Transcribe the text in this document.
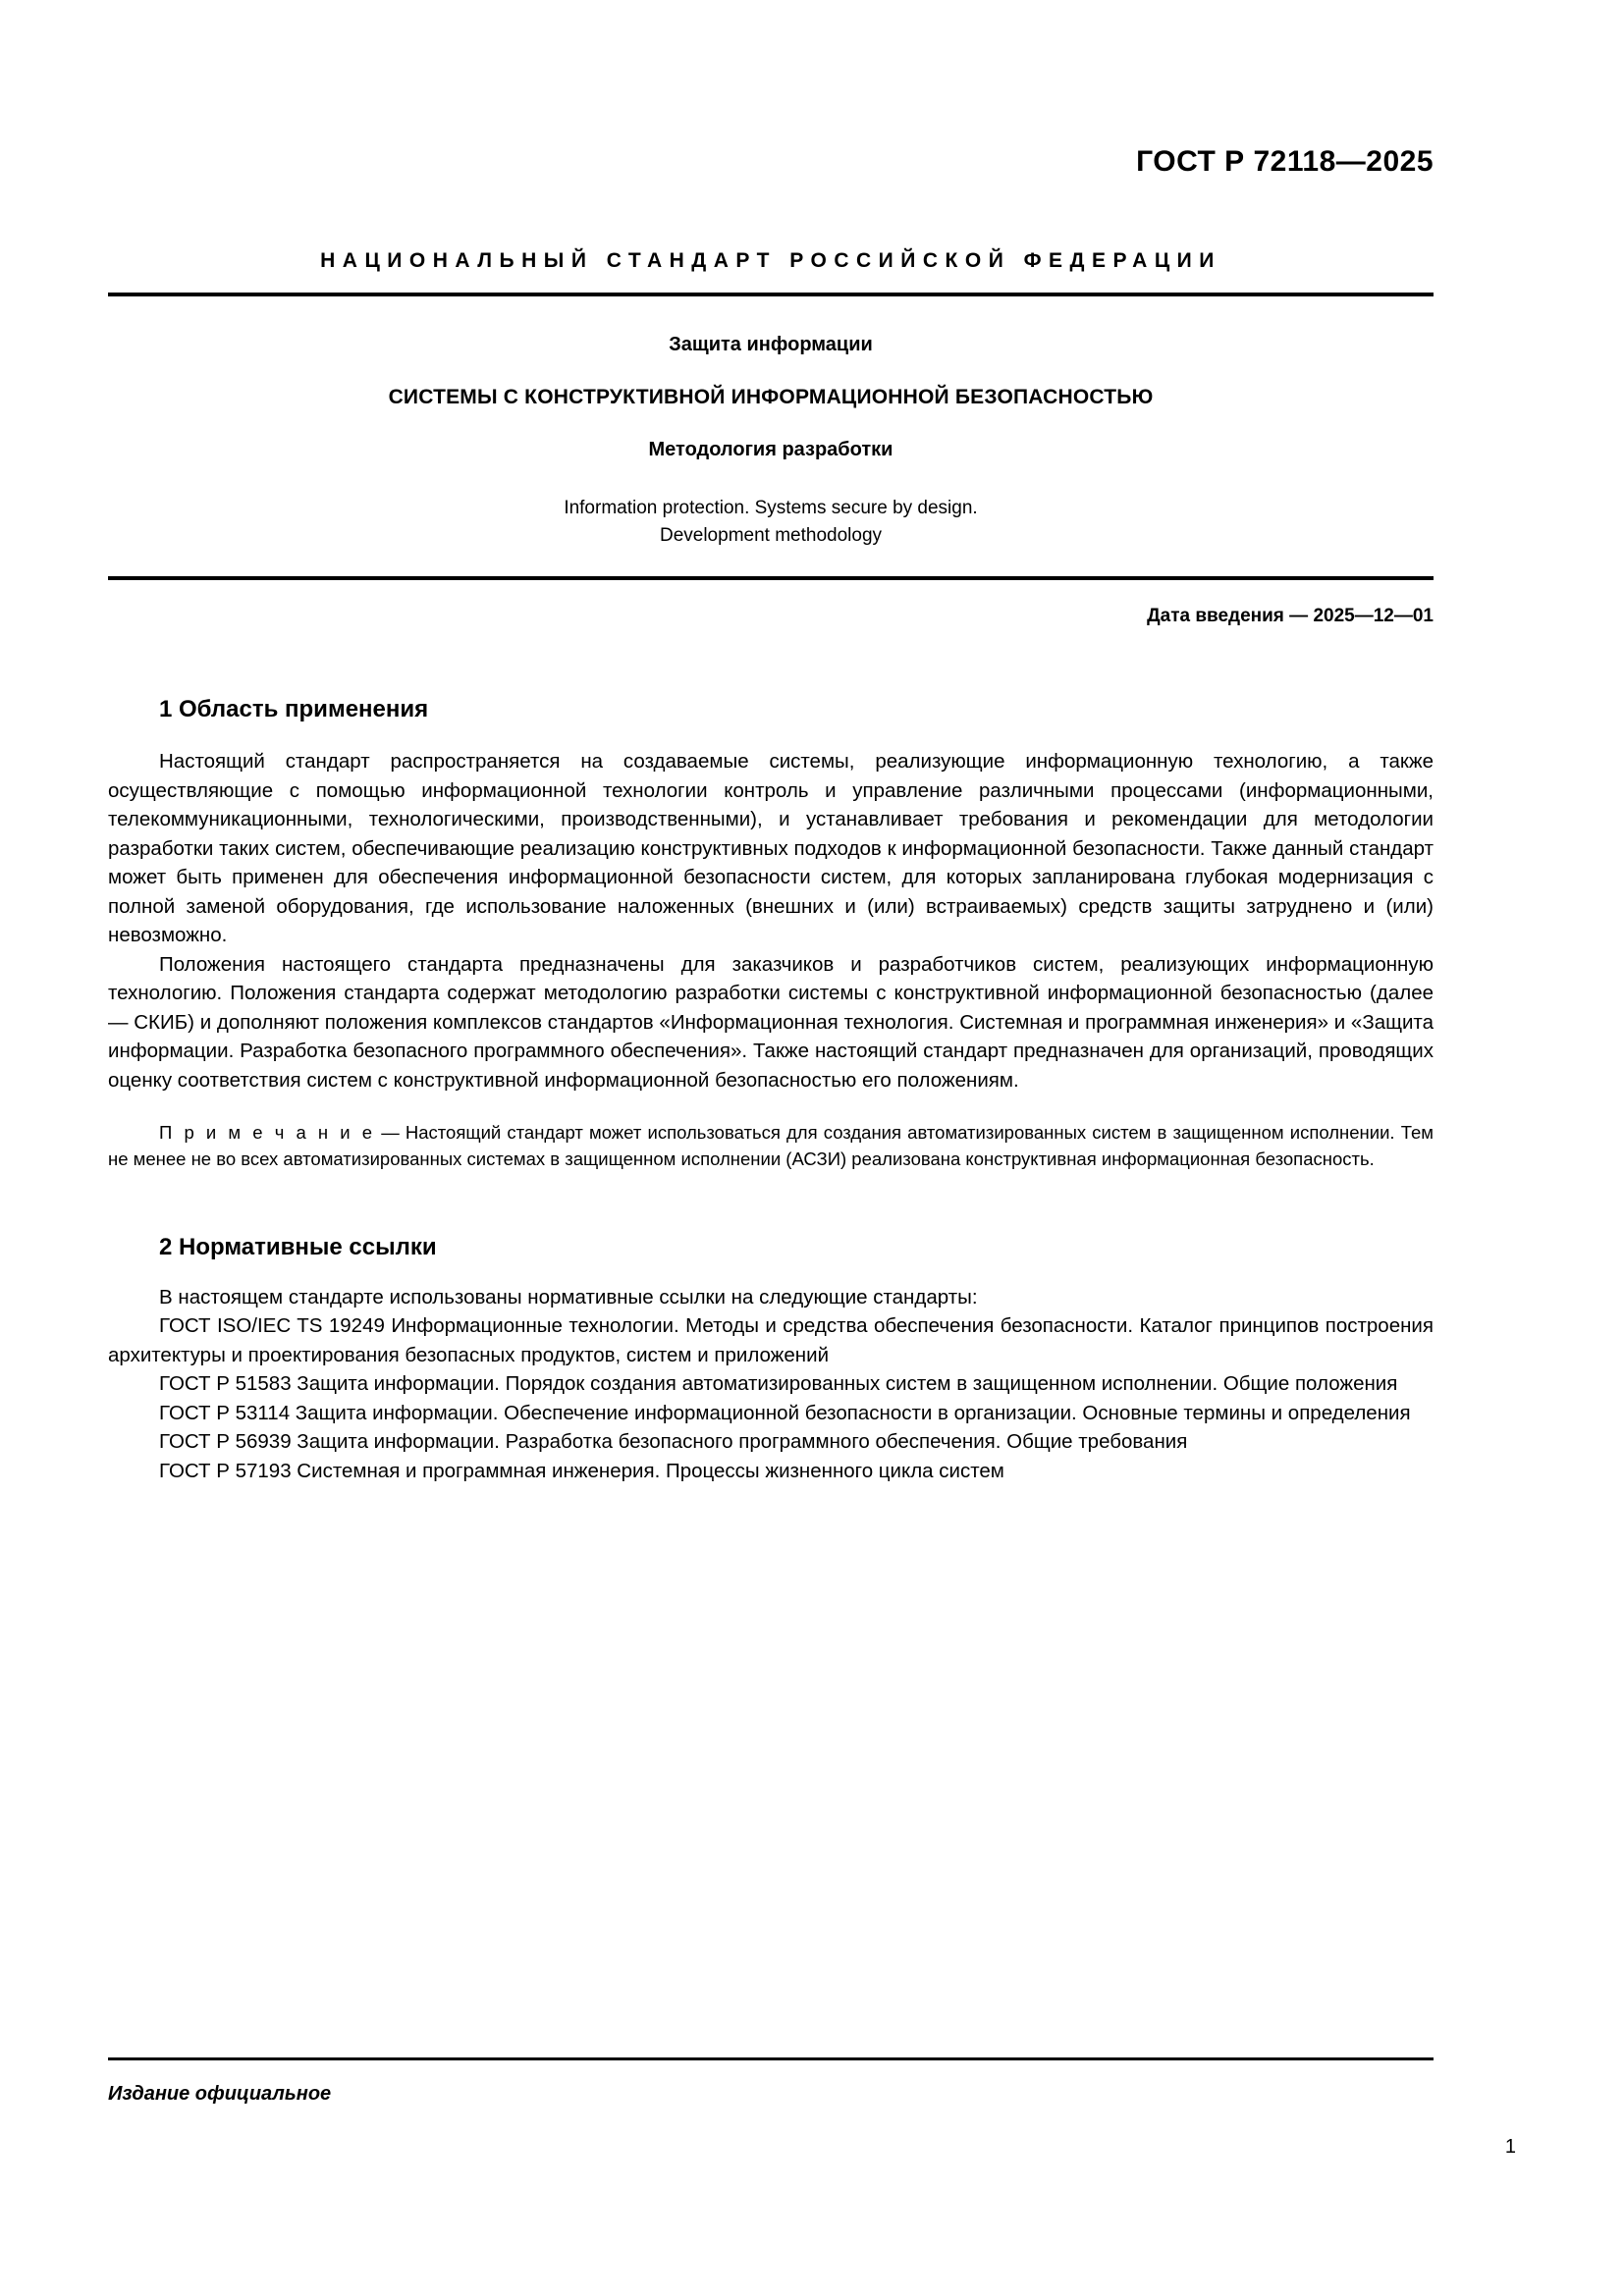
ГОСТ Р 72118—2025
НАЦИОНАЛЬНЫЙ СТАНДАРТ РОССИЙСКОЙ ФЕДЕРАЦИИ
Защита информации
СИСТЕМЫ С КОНСТРУКТИВНОЙ ИНФОРМАЦИОННОЙ БЕЗОПАСНОСТЬЮ
Методология разработки
Information protection. Systems secure by design.
Development methodology
Дата введения — 2025—12—01
1 Область применения

Настоящий стандарт распространяется на создаваемые системы, реализующие информационную технологию, а также осуществляющие с помощью информационной технологии контроль и управление различными процессами (информационными, телекоммуникационными, технологическими, производственными), и устанавливает требования и рекомендации для методологии разработки таких систем, обеспечивающие реализацию конструктивных подходов к информационной безопасности. Также данный стандарт может быть применен для обеспечения информационной безопасности систем, для которых запланирована глубокая модернизация с полной заменой оборудования, где использование наложенных (внешних и (или) встраиваемых) средств защиты затруднено и (или) невозможно.

Положения настоящего стандарта предназначены для заказчиков и разработчиков систем, реализующих информационную технологию. Положения стандарта содержат методологию разработки системы с конструктивной информационной безопасностью (далее — СКИБ) и дополняют положения комплексов стандартов «Информационная технология. Системная и программная инженерия» и «Защита информации. Разработка безопасного программного обеспечения». Также настоящий стандарт предназначен для организаций, проводящих оценку соответствия систем с конструктивной информационной безопасностью его положениям.

П р и м е ч а н и е — Настоящий стандарт может использоваться для создания автоматизированных систем в защищенном исполнении. Тем не менее не во всех автоматизированных системах в защищенном исполнении (АСЗИ) реализована конструктивная информационная безопасность.

2 Нормативные ссылки

В настоящем стандарте использованы нормативные ссылки на следующие стандарты:

ГОСТ ISO/IEC TS 19249 Информационные технологии. Методы и средства обеспечения безопасности. Каталог принципов построения архитектуры и проектирования безопасных продуктов, систем и приложений

ГОСТ Р 51583 Защита информации. Порядок создания автоматизированных систем в защищенном исполнении. Общие положения

ГОСТ Р 53114 Защита информации. Обеспечение информационной безопасности в организации. Основные термины и определения

ГОСТ Р 56939 Защита информации. Разработка безопасного программного обеспечения. Общие требования

ГОСТ Р 57193 Системная и программная инженерия. Процессы жизненного цикла систем

Издание официальное
1
